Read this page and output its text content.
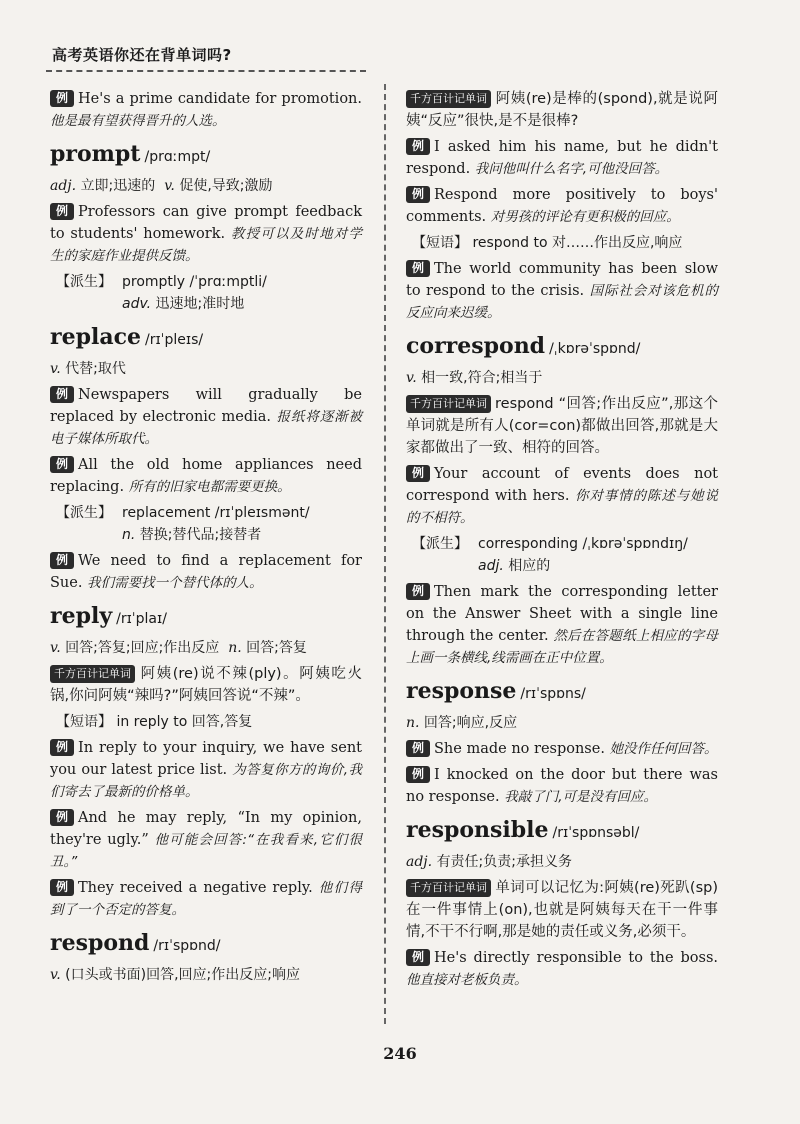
高考英语你还在背单词吗?

例 He's a prime candidate for promotion. 他是最有望获得晋升的人选。

prompt /prɑːmpt/

adj. 立即;迅速的 v. 促使,导致;激励

例 Professors can give prompt feedback to students' homework. 教授可以及时地对学生的家庭作业提供反馈。

【派生】 promptly /ˈprɑːmptli/
adv. 迅速地;准时地
replace /rɪˈpleɪs/

v. 代替;取代

例 Newspapers will gradually be replaced by electronic media. 报纸将逐渐被电子媒体所取代。

例 All the old home appliances need replacing. 所有的旧家电都需要更换。

【派生】 replacement /rɪˈpleɪsmənt/
n. 替换;替代品;接替者

例 We need to find a replacement for Sue. 我们需要找一个替代体的人。

reply /rɪˈplaɪ/

v. 回答;答复;回应;作出反应 n. 回答;答复

千方百计记单词 阿姨(re)说不辣(ply)。阿姨吃火锅,你问阿姨“辣吗?”阿姨回答说“不辣”。

【短语】 in reply to 回答,答复

例 In reply to your inquiry, we have sent you our latest price list. 为答复你方的询价,我们寄去了最新的价格单。

例 And he may reply, “In my opinion, they're ugly.” 他可能会回答:“在我看来,它们很丑。”

例 They received a negative reply. 他们得到了一个否定的答复。

respond /rɪˈspɒnd/

v. (口头或书面)回答,回应;作出反应;响应

千方百计记单词 阿姨(re)是棒的(spond),就是说阿姨“反应”很快,是不是很棒?

例 I asked him his name, but he didn't respond. 我问他叫什么名字,可他没回答。

例 Respond more positively to boys' comments. 对男孩的评论有更积极的回应。

【短语】 respond to 对……作出反应,响应

例 The world community has been slow to respond to the crisis. 国际社会对该危机的反应向来迟缓。

correspond /ˌkɒrəˈspɒnd/

v. 相一致,符合;相当于

千方百计记单词 respond “回答;作出反应”,那这个单词就是所有人(cor=con)都做出回答,那就是大家都做出了一致、相符的回答。

例 Your account of events does not correspond with hers. 你对事情的陈述与她说的不相符。

【派生】 corresponding /ˌkɒrəˈspɒndɪŋ/
adj. 相应的

例 Then mark the corresponding letter on the Answer Sheet with a single line through the center. 然后在答题纸上相应的字母上画一条横线,线需画在正中位置。

response /rɪˈspɒns/

n. 回答;响应,反应

例 She made no response. 她没作任何回答。

例 I knocked on the door but there was no response. 我敲了门,可是没有回应。

responsible /rɪˈspɒnsəbl/

adj. 有责任;负责;承担义务

千方百计记单词 单词可以记忆为:阿姨(re)死趴(sp)在一件事情上(on),也就是阿姨每天在干一件事情,不干不行啊,那是她的责任或义务,必须干。

例 He's directly responsible to the boss. 他直接对老板负责。

246
